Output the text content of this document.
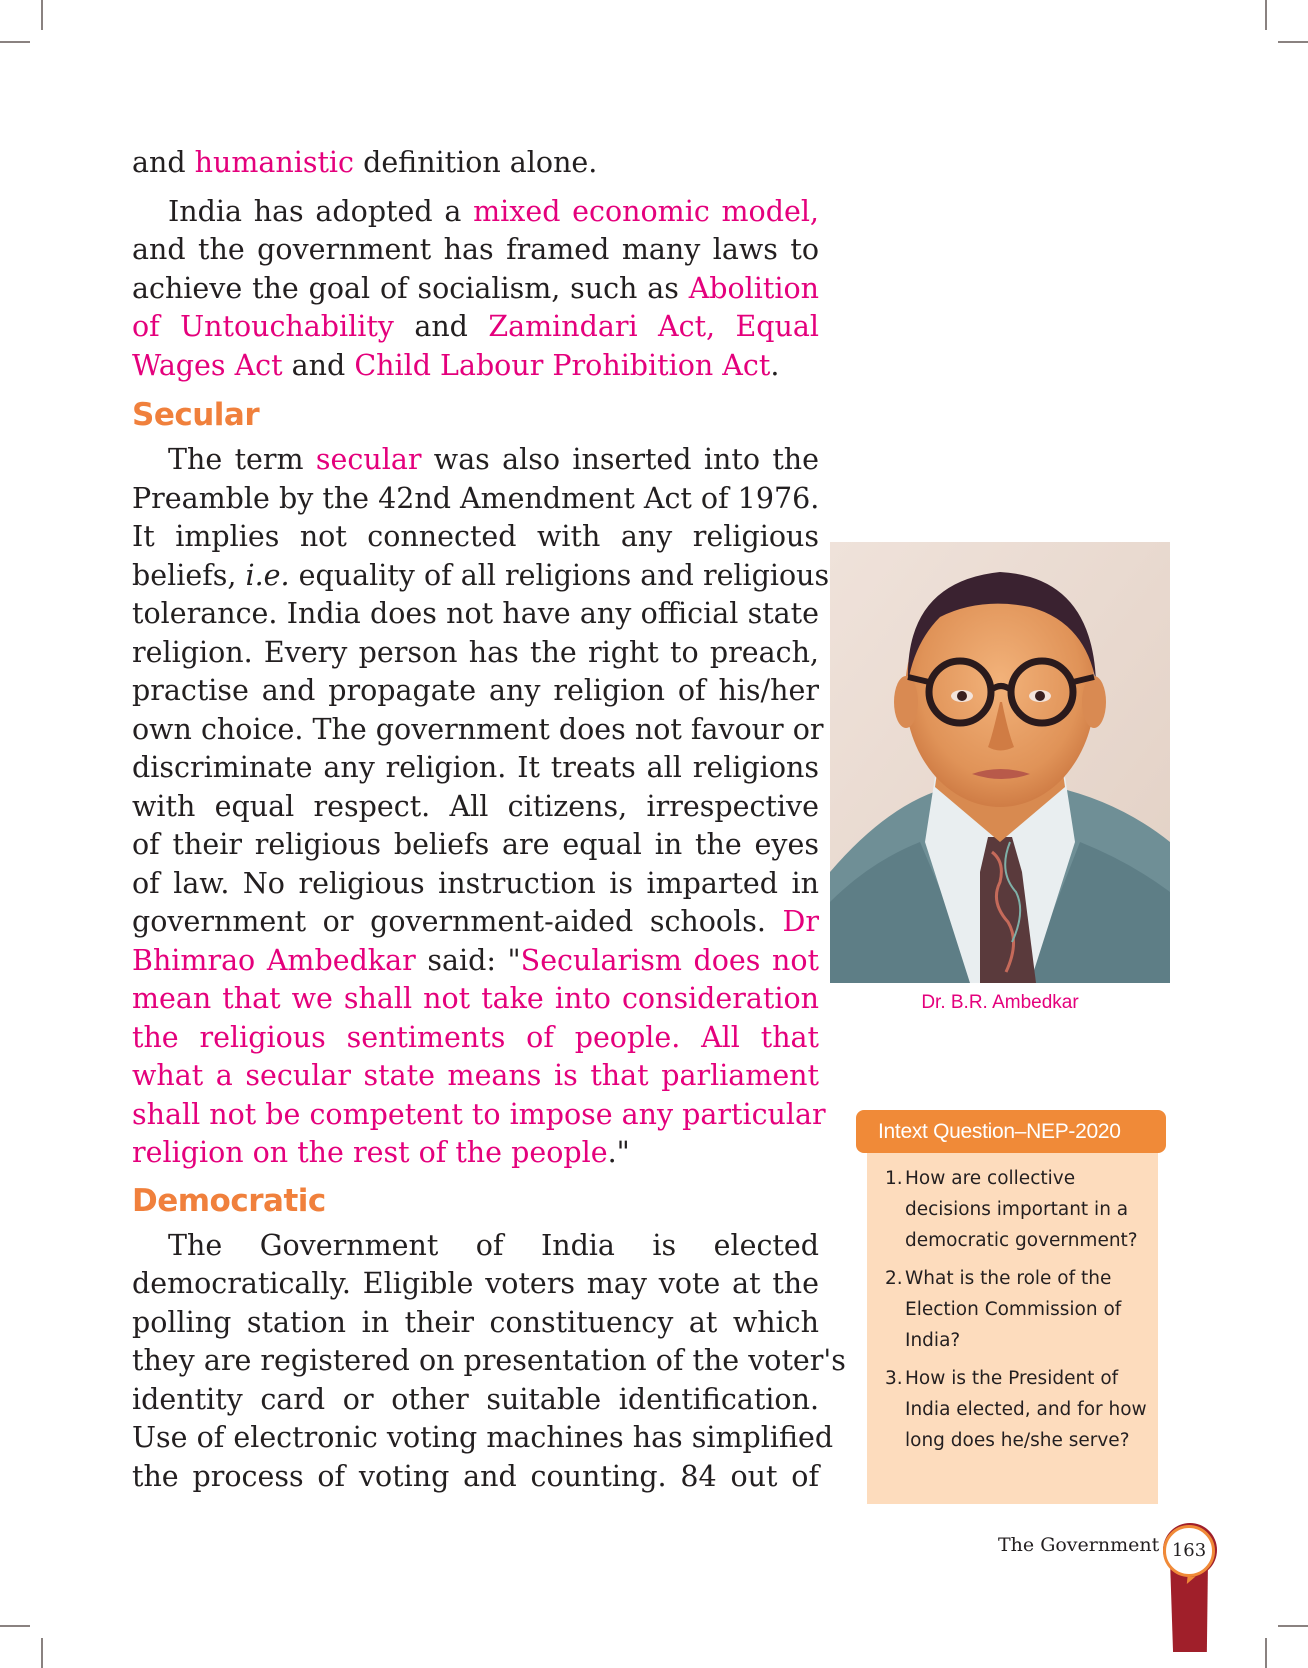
and humanistic definition alone.
India has adopted a mixed economic model,
and the government has framed many laws to
achieve the goal of socialism, such as Abolition
of Untouchability and Zamindari Act, Equal
Wages Act and Child Labour Prohibition Act.
Secular
The term secular was also inserted into the
Preamble by the 42nd Amendment Act of 1976.
It implies not connected with any religious
beliefs, i.e. equality of all religions and religious
tolerance. India does not have any official state
religion. Every person has the right to preach,
practise and propagate any religion of his/her
own choice. The government does not favour or
discriminate any religion. It treats all religions
with equal respect. All citizens, irrespective
of their religious beliefs are equal in the eyes
of law. No religious instruction is imparted in
government or government-aided schools. Dr
Bhimrao Ambedkar said: "Secularism does not
mean that we shall not take into consideration
the religious sentiments of people. All that
what a secular state means is that parliament
shall not be competent to impose any particular
religion on the rest of the people."
Democratic
The Government of India is elected
democratically. Eligible voters may vote at the
polling station in their constituency at which
they are registered on presentation of the voter's
identity card or other suitable identification.
Use of electronic voting machines has simplified
the process of voting and counting. 84 out of
Dr. B.R. Ambedkar
Intext Question–NEP-2020
1. How are collective decisions important in a democratic government?
2. What is the role of the Election Commission of India?
3. How is the President of India elected, and for how long does he/she serve?
The Government 163
